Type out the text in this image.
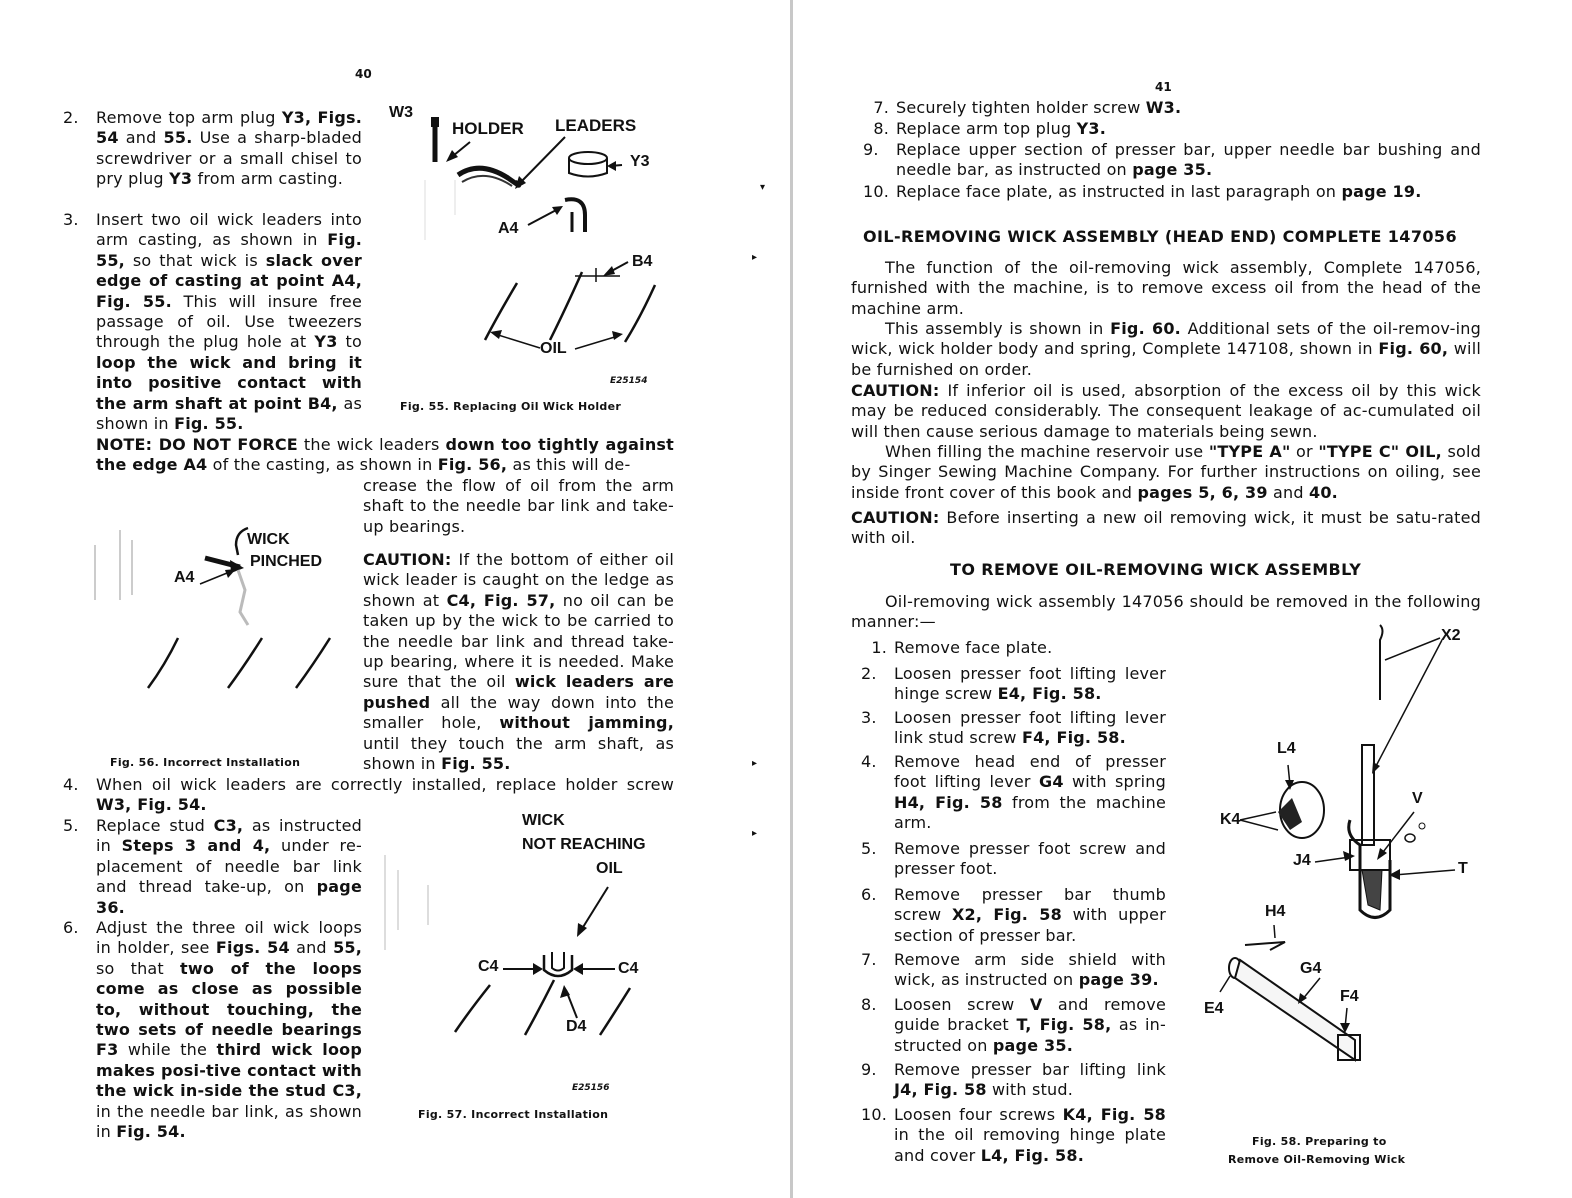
40
2.	Remove top arm plug Y3, Figs. 54 and 55. Use a sharp-bladed screwdriver or a small chisel to pry plug Y3 from arm casting.
3.	Insert two oil wick leaders into arm casting, as shown in Fig. 55, so that wick is slack over edge of casting at point A4, Fig. 55. This will insure free passage of oil. Use tweezers through the plug hole at Y3 to loop the wick and bring it into positive contact with the arm shaft at point B4, as shown in Fig. 55.
NOTE: DO NOT FORCE the wick leaders down too tightly against the edge A4 of the casting, as shown in Fig. 56, as this will de-
crease the flow of oil from the arm shaft to the needle bar link and take-up bearings.
CAUTION: If the bottom of either oil wick leader is caught on the ledge as shown at C4, Fig. 57, no oil can be taken up by the wick to be carried to the needle bar link and thread take-up bearing, where it is needed. Make sure that the oil wick leaders are pushed all the way down into the smaller hole, without jamming, until they touch the arm shaft, as shown in Fig. 55.
4.	When oil wick leaders are correctly installed, replace holder screw W3, Fig. 54.
5.	Replace stud C3, as instructed in Steps 3 and 4, under re-placement of needle bar link and thread take-up, on page 36.
6.	Adjust the three oil wick loops in holder, see Figs. 54 and 55, so that two of the loops come as close as possible to, without touching, the two sets of needle bearings F3 while the third wick loop makes posi-tive contact with the wick in-side the stud C3, in the needle bar link, as shown in Fig. 54.
W3
HOLDER LEADERS
Y3
A4
B4
OIL
E25154
Fig. 55. Replacing Oil Wick Holder
WICK
PINCHED
A4
Fig. 56. Incorrect Installation
WICK
NOT REACHING
OIL
C4	C4
D4
E25156
Fig. 57. Incorrect Installation
▾
▸
▸
▸
41
7. Securely tighten holder screw W3.
8. Replace arm top plug Y3.
9.	Replace upper section of presser bar, upper needle bar bushing and needle bar, as instructed on page 35.
10. Replace face plate, as instructed in last paragraph on page 19.
OIL-REMOVING WICK ASSEMBLY (HEAD END) COMPLETE 147056
The function of the oil-removing wick assembly, Complete 147056, furnished with the machine, is to remove excess oil from the head of the machine arm.
This assembly is shown in Fig. 60. Additional sets of the oil-remov-ing wick, wick holder body and spring, Complete 147108, shown in Fig. 60, will be furnished on order.
CAUTION: If inferior oil is used, absorption of the excess oil by this wick may be reduced considerably. The consequent leakage of ac-cumulated oil will then cause serious damage to materials being sewn.
When filling the machine reservoir use "TYPE A" or "TYPE C" OIL, sold by Singer Sewing Machine Company. For further instructions on oiling, see inside front cover of this book and pages 5, 6, 39 and 40.
CAUTION: Before inserting a new oil removing wick, it must be satu-rated with oil.
TO REMOVE OIL-REMOVING WICK ASSEMBLY
Oil-removing wick assembly 147056 should be removed in the following manner:—
1. Remove face plate.
2.	Loosen presser foot lifting lever hinge screw E4, Fig. 58.
3.	Loosen presser foot lifting lever link stud screw F4, Fig. 58.
4.	Remove head end of presser foot lifting lever G4 with spring H4, Fig. 58 from the machine arm.
5.	Remove presser foot screw and presser foot.
6.	Remove presser bar thumb screw X2, Fig. 58 with upper section of presser bar.
7.	Remove arm side shield with wick, as instructed on page 39.
8.	Loosen screw V and remove guide bracket T, Fig. 58, as in-structed on page 35.
9.	Remove presser bar lifting link J4, Fig. 58 with stud.
10. Loosen four screws K4, Fig. 58 in the oil removing hinge plate and cover L4, Fig. 58.
X2
L4
V
K4
J4	T
H4
G4
F4
E4
Fig. 58. Preparing to
Remove Oil-Removing Wick
